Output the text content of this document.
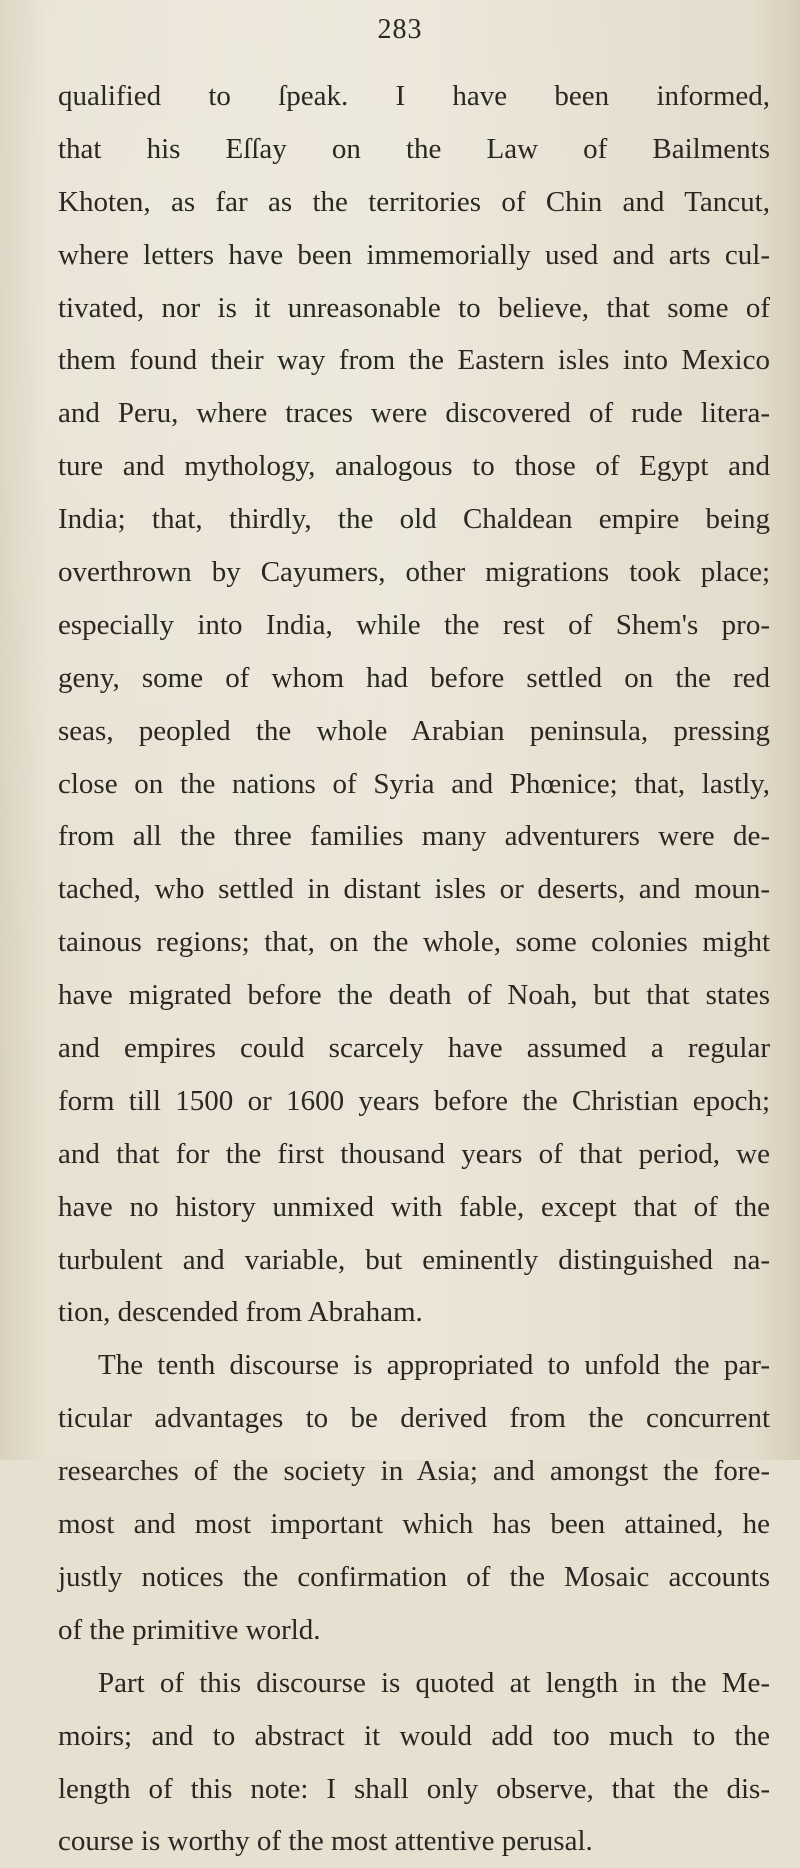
283
qualified to ſpeak. I have been informed,
that his Eſſay on the Law of Bailments
Khoten, as far as the territories of Chin and Tancut,
where letters have been immemorially used and arts cul-
tivated, nor is it unreasonable to believe, that some of
them found their way from the Eastern isles into Mexico
and Peru, where traces were discovered of rude litera-
ture and mythology, analogous to those of Egypt and
India; that, thirdly, the old Chaldean empire being
overthrown by Cayumers, other migrations took place;
especially into India, while the rest of Shem's pro-
geny, some of whom had before settled on the red
seas, peopled the whole Arabian peninsula, pressing
close on the nations of Syria and Phœnice; that, lastly,
from all the three families many adventurers were de-
tached, who settled in distant isles or deserts, and moun-
tainous regions; that, on the whole, some colonies might
have migrated before the death of Noah, but that states
and empires could scarcely have assumed a regular
form till 1500 or 1600 years before the Christian epoch;
and that for the first thousand years of that period, we
have no history unmixed with fable, except that of the
turbulent and variable, but eminently distinguished na-
tion, descended from Abraham.
The tenth discourse is appropriated to unfold the par-
ticular advantages to be derived from the concurrent
researches of the society in Asia; and amongst the fore-
most and most important which has been attained, he
justly notices the confirmation of the Mosaic accounts
of the primitive world.
Part of this discourse is quoted at length in the Me-
moirs; and to abstract it would add too much to the
length of this note: I shall only observe, that the dis-
course is worthy of the most attentive perusal.
